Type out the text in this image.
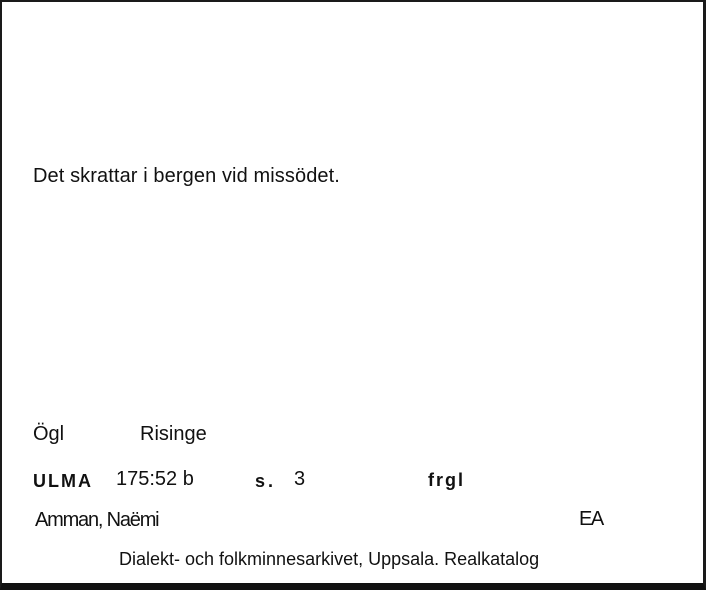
Det skrattar i bergen vid missödet.
Ögl	Risinge
ULMA 175:52 b	s. 3	frgl
Amman, Naëmi	EA
Dialekt- och folkminnesarkivet, Uppsala. Realkatalog
